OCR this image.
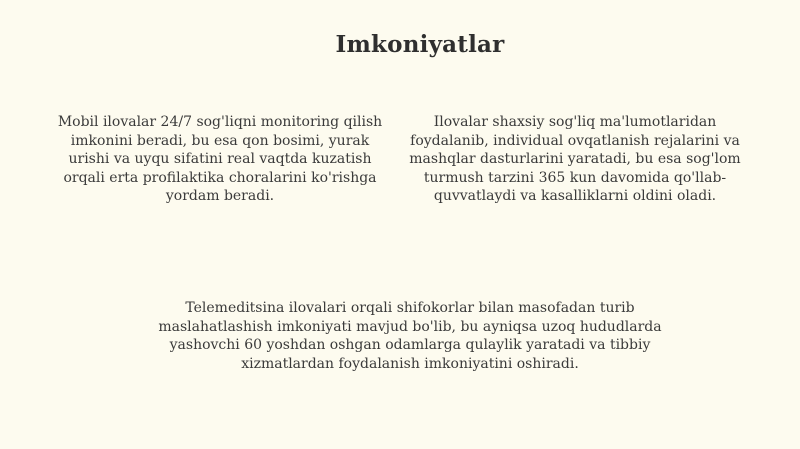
Imkoniyatlar
Mobil ilovalar 24/7 sog'liqni monitoring qilish imkonini beradi, bu esa qon bosimi, yurak urishi va uyqu sifatini real vaqtda kuzatish orqali erta profilaktika choralarini ko'rishga yordam beradi.
Ilovalar shaxsiy sog'liq ma'lumotlaridan foydalanib, individual ovqatlanish rejalarini va mashqlar dasturlarini yaratadi, bu esa sog'lom turmush tarzini 365 kun davomida qo'llab-quvvatlaydi va kasalliklarni oldini oladi.
Telemeditsina ilovalari orqali shifokorlar bilan masofadan turib maslahatlashish imkoniyati mavjud bo'lib, bu ayniqsa uzoq hududlarda yashovchi 60 yoshdan oshgan odamlarga qulaylik yaratadi va tibbiy xizmatlardan foydalanish imkoniyatini oshiradi.
